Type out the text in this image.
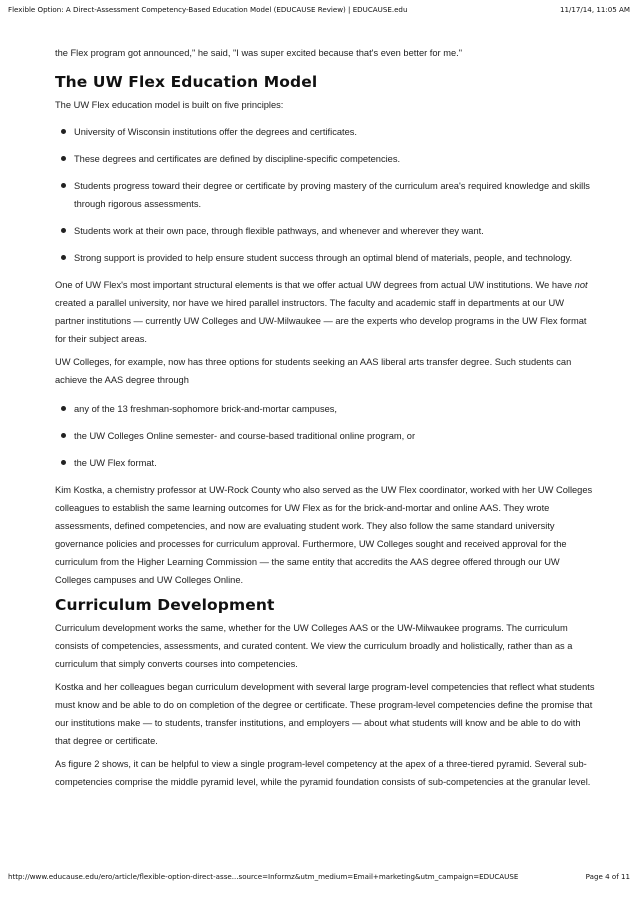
Flexible Option: A Direct-Assessment Competency-Based Education Model (EDUCAUSE Review) | EDUCAUSE.edu	11/17/14, 11:05 AM

the Flex program got announced," he said, "I was super excited because that's even better for me."

The UW Flex Education Model

The UW Flex education model is built on five principles:

University of Wisconsin institutions offer the degrees and certificates.
These degrees and certificates are defined by discipline-specific competencies.
Students progress toward their degree or certificate by proving mastery of the curriculum area's required knowledge and skills through rigorous assessments.
Students work at their own pace, through flexible pathways, and whenever and wherever they want.
Strong support is provided to help ensure student success through an optimal blend of materials, people, and technology.

One of UW Flex's most important structural elements is that we offer actual UW degrees from actual UW institutions. We have not created a parallel university, nor have we hired parallel instructors. The faculty and academic staff in departments at our UW partner institutions — currently UW Colleges and UW-Milwaukee — are the experts who develop programs in the UW Flex format for their subject areas.

UW Colleges, for example, now has three options for students seeking an AAS liberal arts transfer degree. Such students can achieve the AAS degree through

any of the 13 freshman-sophomore brick-and-mortar campuses,
the UW Colleges Online semester- and course-based traditional online program, or
the UW Flex format.

Kim Kostka, a chemistry professor at UW-Rock County who also served as the UW Flex coordinator, worked with her UW Colleges colleagues to establish the same learning outcomes for UW Flex as for the brick-and-mortar and online AAS. They wrote assessments, defined competencies, and now are evaluating student work. They also follow the same standard university governance policies and processes for curriculum approval. Furthermore, UW Colleges sought and received approval for the curriculum from the Higher Learning Commission — the same entity that accredits the AAS degree offered through our UW Colleges campuses and UW Colleges Online.

Curriculum Development

Curriculum development works the same, whether for the UW Colleges AAS or the UW-Milwaukee programs. The curriculum consists of competencies, assessments, and curated content. We view the curriculum broadly and holistically, rather than as a curriculum that simply converts courses into competencies.

Kostka and her colleagues began curriculum development with several large program-level competencies that reflect what students must know and be able to do on completion of the degree or certificate. These program-level competencies define the promise that our institutions make — to students, transfer institutions, and employers — about what students will know and be able to do with that degree or certificate.

As figure 2 shows, it can be helpful to view a single program-level competency at the apex of a three-tiered pyramid. Several sub-competencies comprise the middle pyramid level, while the pyramid foundation consists of sub-competencies at the granular level.

http://www.educause.edu/ero/article/flexible-option-direct-asse...source=Informz&utm_medium=Email+marketing&utm_campaign=EDUCAUSE	Page 4 of 11
